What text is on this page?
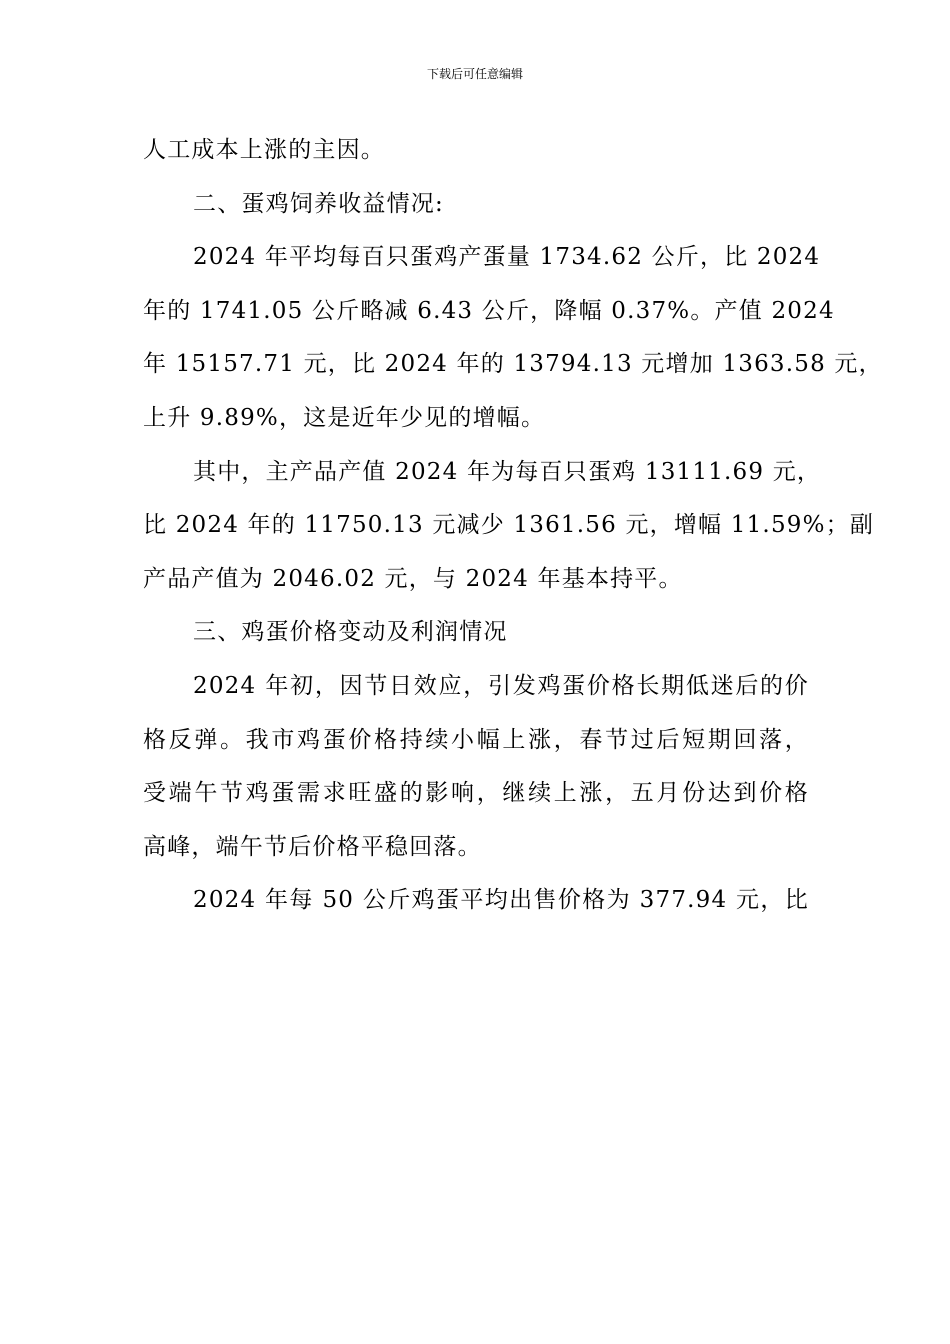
下载后可任意编辑
人工成本上涨的主因。
二、蛋鸡饲养收益情况:
2024 年平均每百只蛋鸡产蛋量 1734.62 公斤，比 2024
年的 1741.05 公斤略减 6.43 公斤，降幅 0.37%。产值 2024
年 15157.71 元，比 2024 年的 13794.13 元增加 1363.58 元，
上升 9.89%，这是近年少见的增幅。
其中，主产品产值 2024 年为每百只蛋鸡 13111.69 元，
比 2024 年的 11750.13 元减少 1361.56 元，增幅 11.59%；副
产品产值为 2046.02 元，与 2024 年基本持平。
三、鸡蛋价格变动及利润情况
2024 年初，因节日效应，引发鸡蛋价格长期低迷后的价
格反弹。我市鸡蛋价格持续小幅上涨，春节过后短期回落，
受端午节鸡蛋需求旺盛的影响，继续上涨，五月份达到价格
高峰，端午节后价格平稳回落。
2024 年每 50 公斤鸡蛋平均出售价格为 377.94 元，比
